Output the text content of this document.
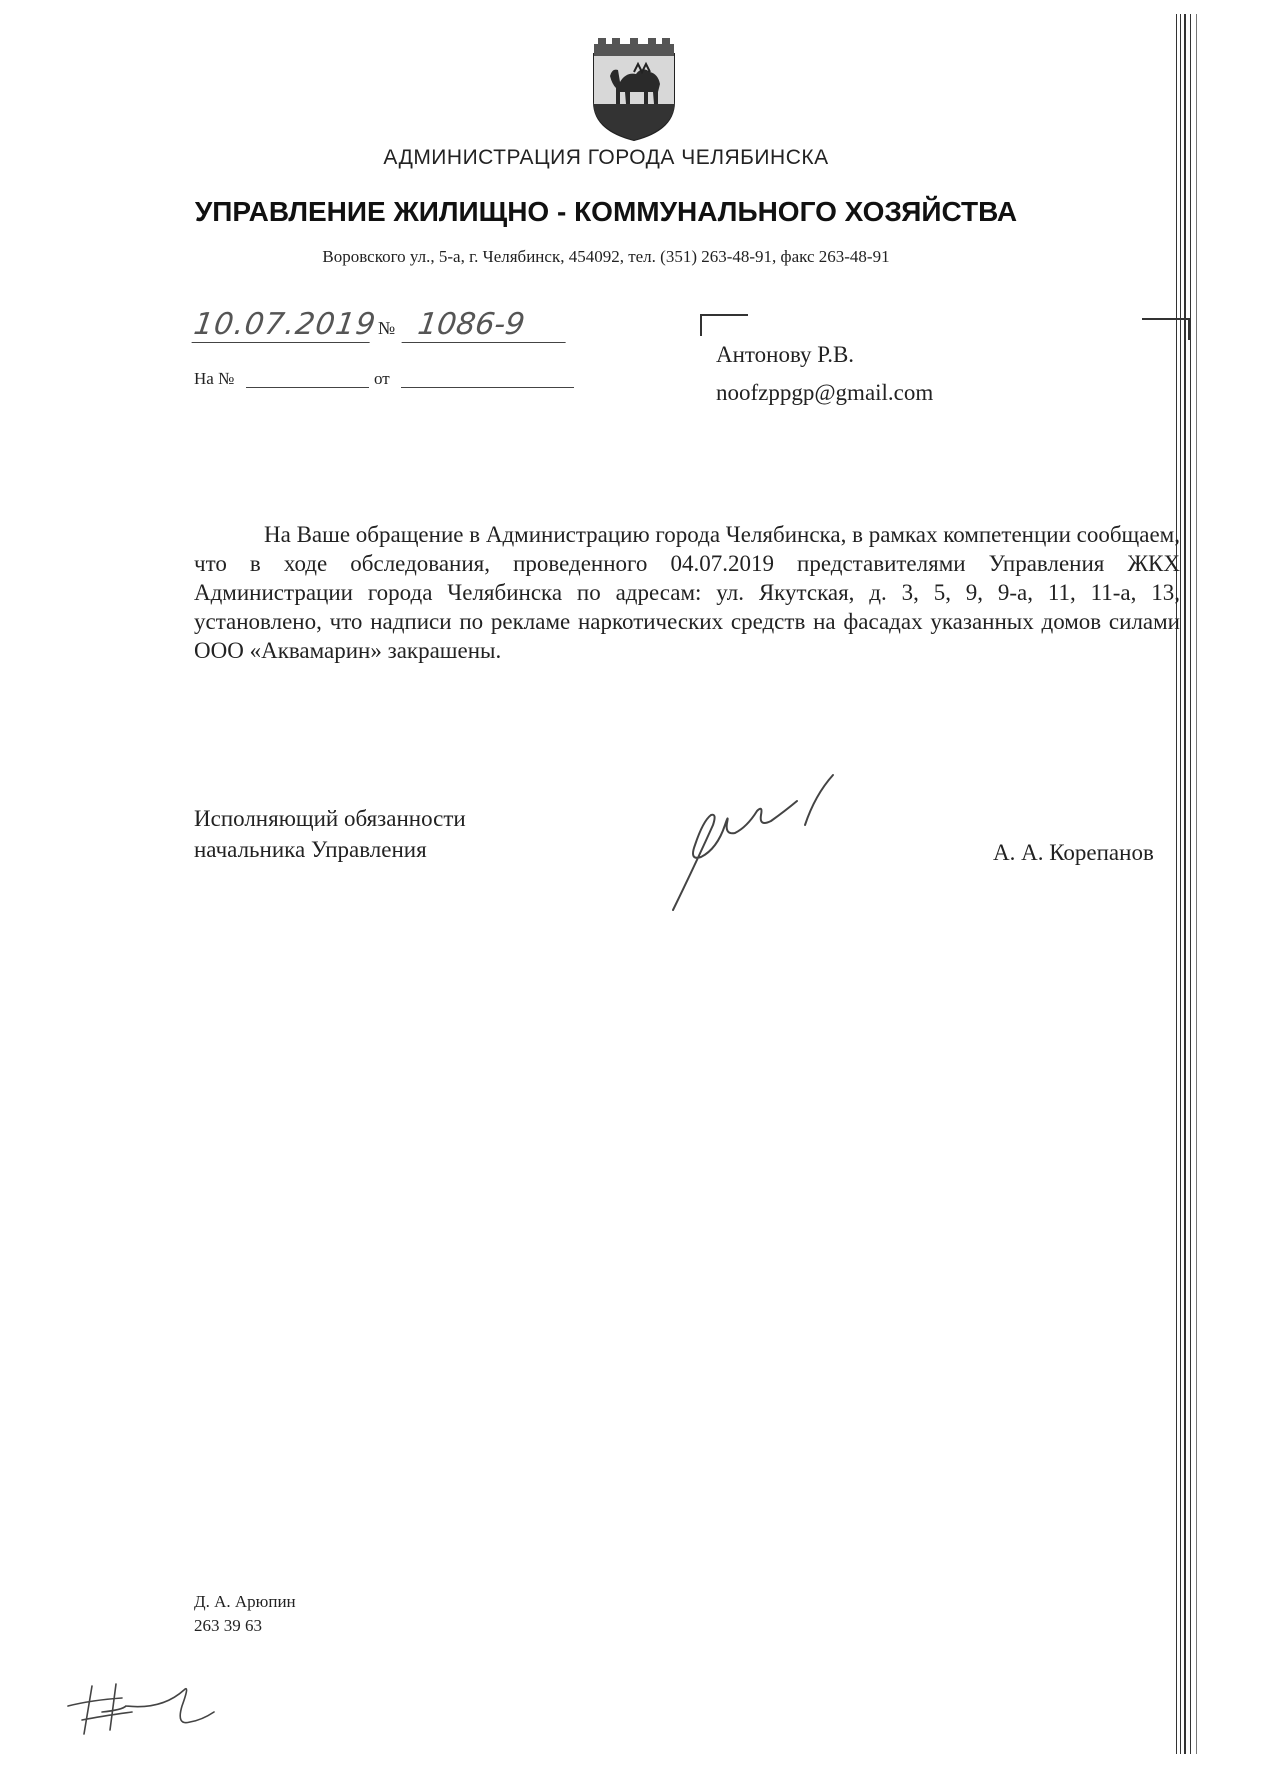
АДМИНИСТРАЦИЯ ГОРОДА ЧЕЛЯБИНСКА
УПРАВЛЕНИЕ ЖИЛИЩНО - КОММУНАЛЬНОГО ХОЗЯЙСТВА
Воровского ул., 5-а, г. Челябинск, 454092, тел. (351) 263-48-91, факс 263-48-91
10.07.2019 № 1086-9
На №	от
Антонову Р.В.
noofzppgp@gmail.com

На Ваше обращение в Администрацию города Челябинска, в рамках компетенции сообщаем, что в ходе обследования, проведенного 04.07.2019 представителями Управления ЖКХ Администрации города Челябинска по адресам: ул. Якутская, д. 3, 5, 9, 9-а, 11, 11-а, 13, установлено, что надписи по рекламе наркотических средств на фасадах указанных домов силами ООО «Аквамарин» закрашены.

Исполняющий обязанности
начальника Управления	А. А. Корепанов
Д. А. Арюпин
263 39 63
